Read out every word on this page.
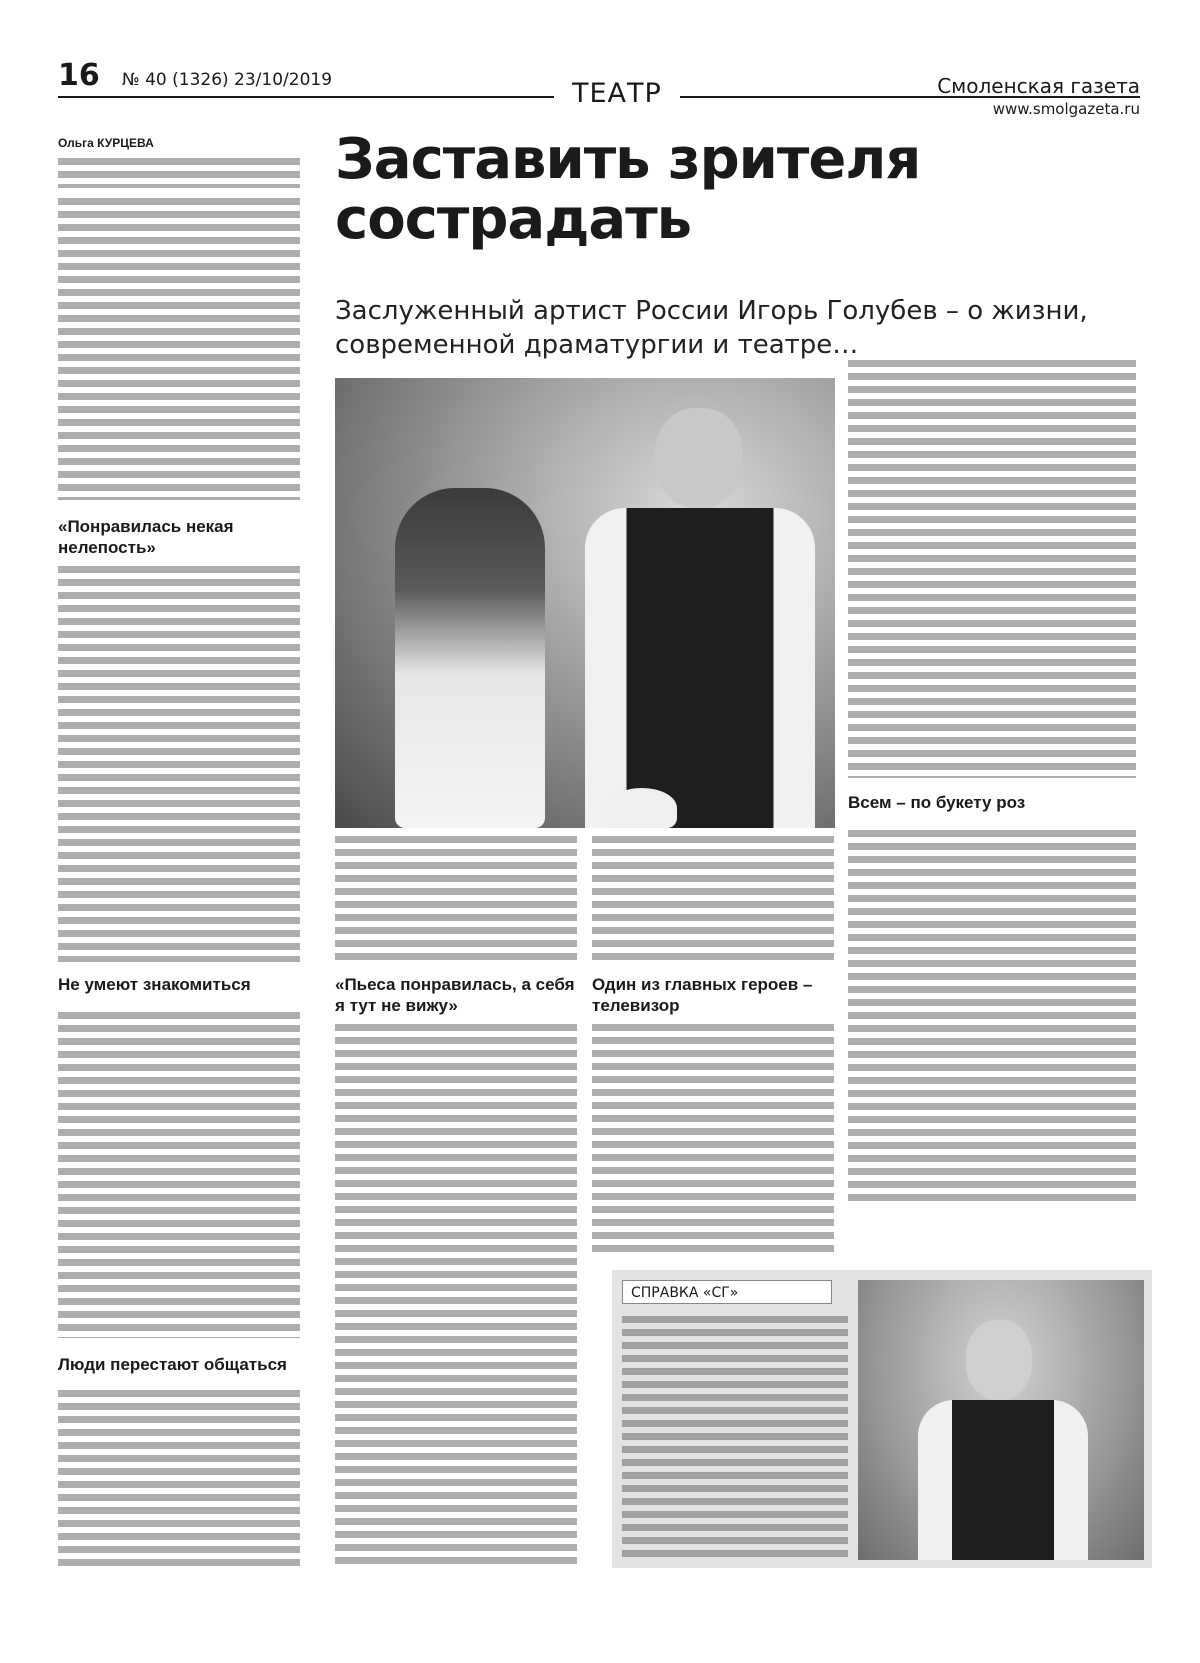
16 № 40 (1326) 23/10/2019	ТЕАТР	Смоленская газета
www.smolgazeta.ru
Ольга КУРЦЕВА	Заставить зрителя сострадать
Заслуженный артист России Игорь Голубев – о жизни, современной драматургии и театре…
«Понравилась некая нелепость»
Не умеют знакомиться
Люди перестают общаться
Всем – по букету роз
«Пьеса понравилась, а себя я тут не вижу»
Один из главных героев – телевизор
СПРАВКА «СГ»
